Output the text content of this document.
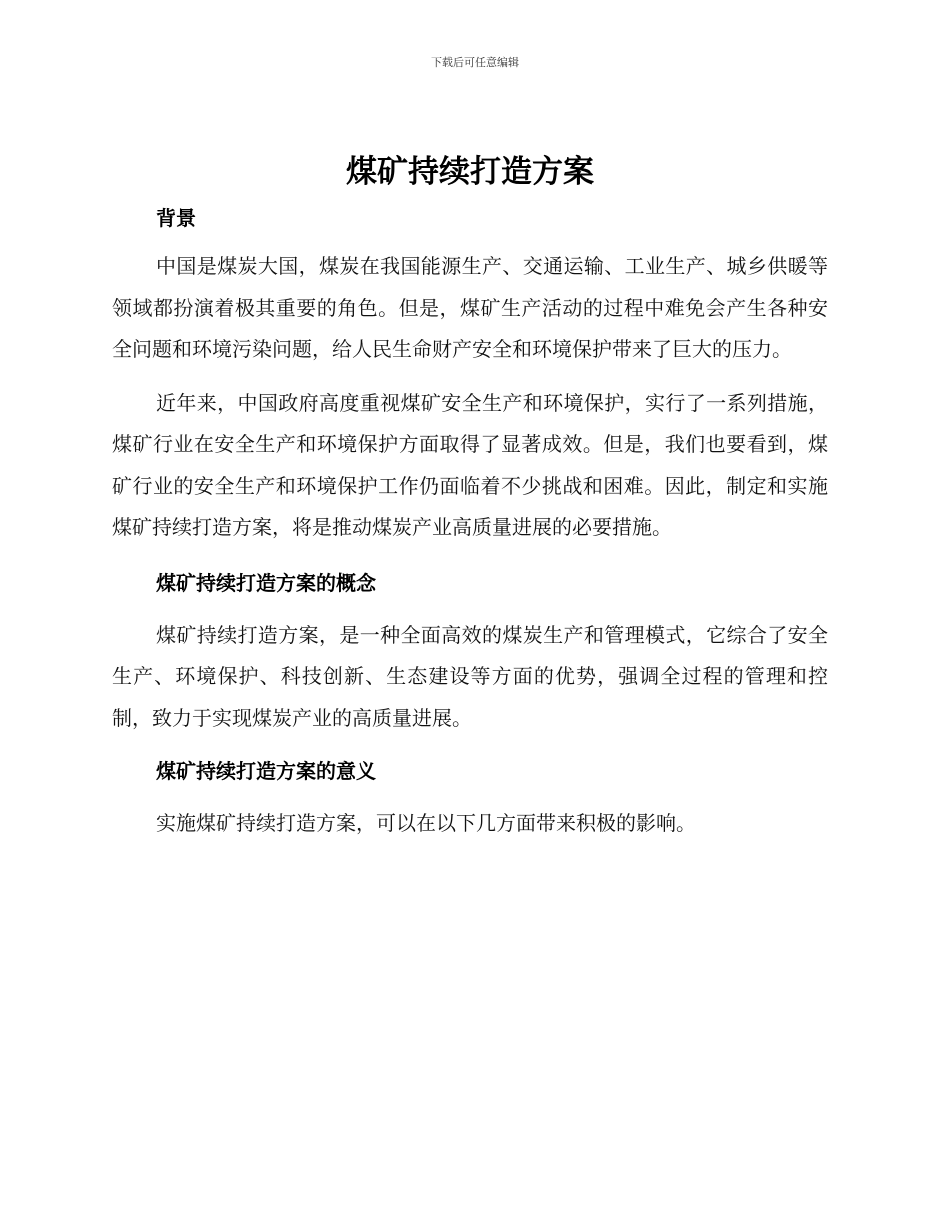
下载后可任意编辑
煤矿持续打造方案
背景

中国是煤炭大国，煤炭在我国能源生产、交通运输、工业生产、城乡供暖等领域都扮演着极其重要的角色。但是，煤矿生产活动的过程中难免会产生各种安全问题和环境污染问题，给人民生命财产安全和环境保护带来了巨大的压力。

近年来，中国政府高度重视煤矿安全生产和环境保护，实行了一系列措施，煤矿行业在安全生产和环境保护方面取得了显著成效。但是，我们也要看到，煤矿行业的安全生产和环境保护工作仍面临着不少挑战和困难。因此，制定和实施煤矿持续打造方案，将是推动煤炭产业高质量进展的必要措施。

煤矿持续打造方案的概念

煤矿持续打造方案，是一种全面高效的煤炭生产和管理模式，它综合了安全生产、环境保护、科技创新、生态建设等方面的优势，强调全过程的管理和控制，致力于实现煤炭产业的高质量进展。

煤矿持续打造方案的意义

实施煤矿持续打造方案，可以在以下几方面带来积极的影响。
